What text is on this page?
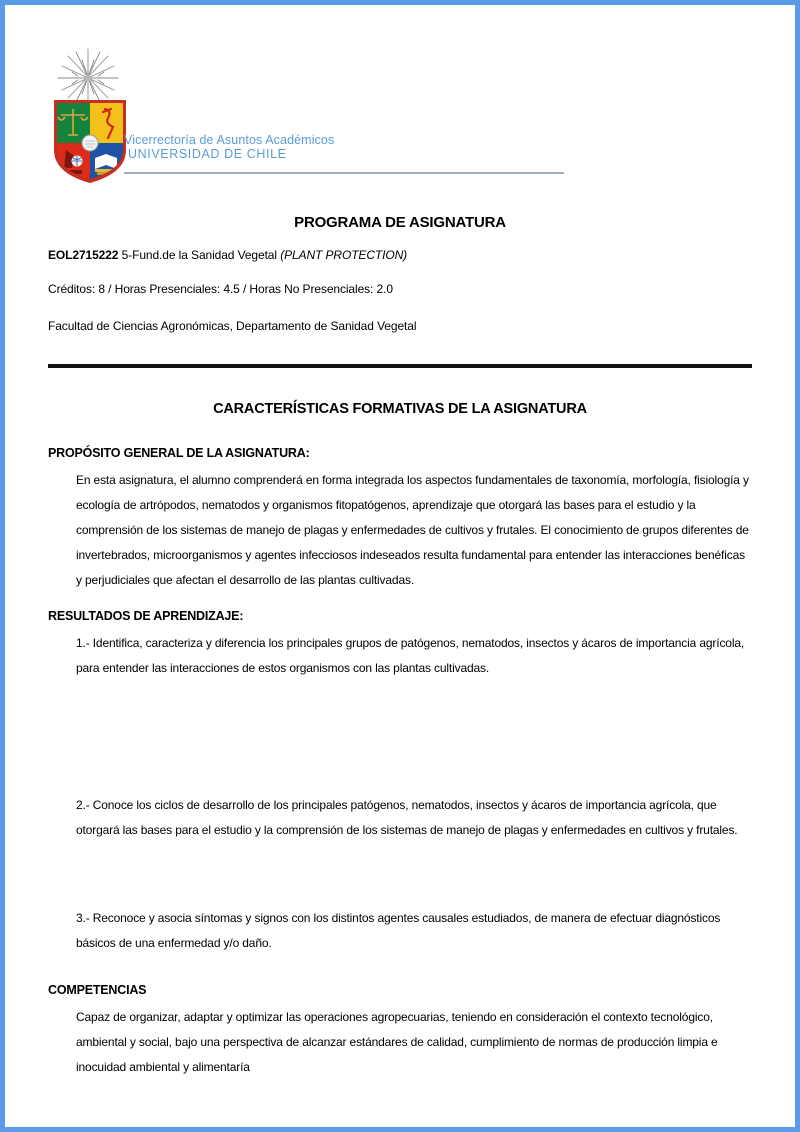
Vicerrectoría de Asuntos Académicos
UNIVERSIDAD DE CHILE
PROGRAMA DE ASIGNATURA

EOL2715222 5-Fund.de la Sanidad Vegetal (PLANT PROTECTION)

Créditos: 8 / Horas Presenciales: 4.5 / Horas No Presenciales: 2.0

Facultad de Ciencias Agronómicas, Departamento de Sanidad Vegetal

CARACTERÍSTICAS FORMATIVAS DE LA ASIGNATURA
PROPÓSITO GENERAL DE LA ASIGNATURA:

En esta asignatura, el alumno comprenderá en forma integrada los aspectos fundamentales de taxonomía, morfología, fisiología y ecología de artrópodos, nematodos y organismos fitopatógenos, aprendizaje que otorgará las bases para el estudio y la comprensión de los sistemas de manejo de plagas y enfermedades de cultivos y frutales. El conocimiento de grupos diferentes de invertebrados, microorganismos y agentes infecciosos indeseados resulta fundamental para entender las interacciones benéficas y perjudiciales que afectan el desarrollo de las plantas cultivadas.

RESULTADOS DE APRENDIZAJE:

1.- Identifica, caracteriza y diferencia los principales grupos de patógenos, nematodos, insectos y ácaros de importancia agrícola, para entender las interacciones de estos organismos con las plantas cultivadas.

2.- Conoce los ciclos de desarrollo de los principales patógenos, nematodos, insectos y ácaros de importancia agrícola, que otorgará las bases para el estudio y la comprensión de los sistemas de manejo de plagas y enfermedades en cultivos y frutales.

3.- Reconoce y asocia síntomas y signos con los distintos agentes causales estudiados, de manera de efectuar diagnósticos básicos de una enfermedad y/o daño.

COMPETENCIAS

Capaz de organizar, adaptar y optimizar las operaciones agropecuarias, teniendo en consideración el contexto tecnológico, ambiental y social, bajo una perspectiva de alcanzar estándares de calidad, cumplimiento de normas de producción limpia e inocuidad ambiental y alimentaría
